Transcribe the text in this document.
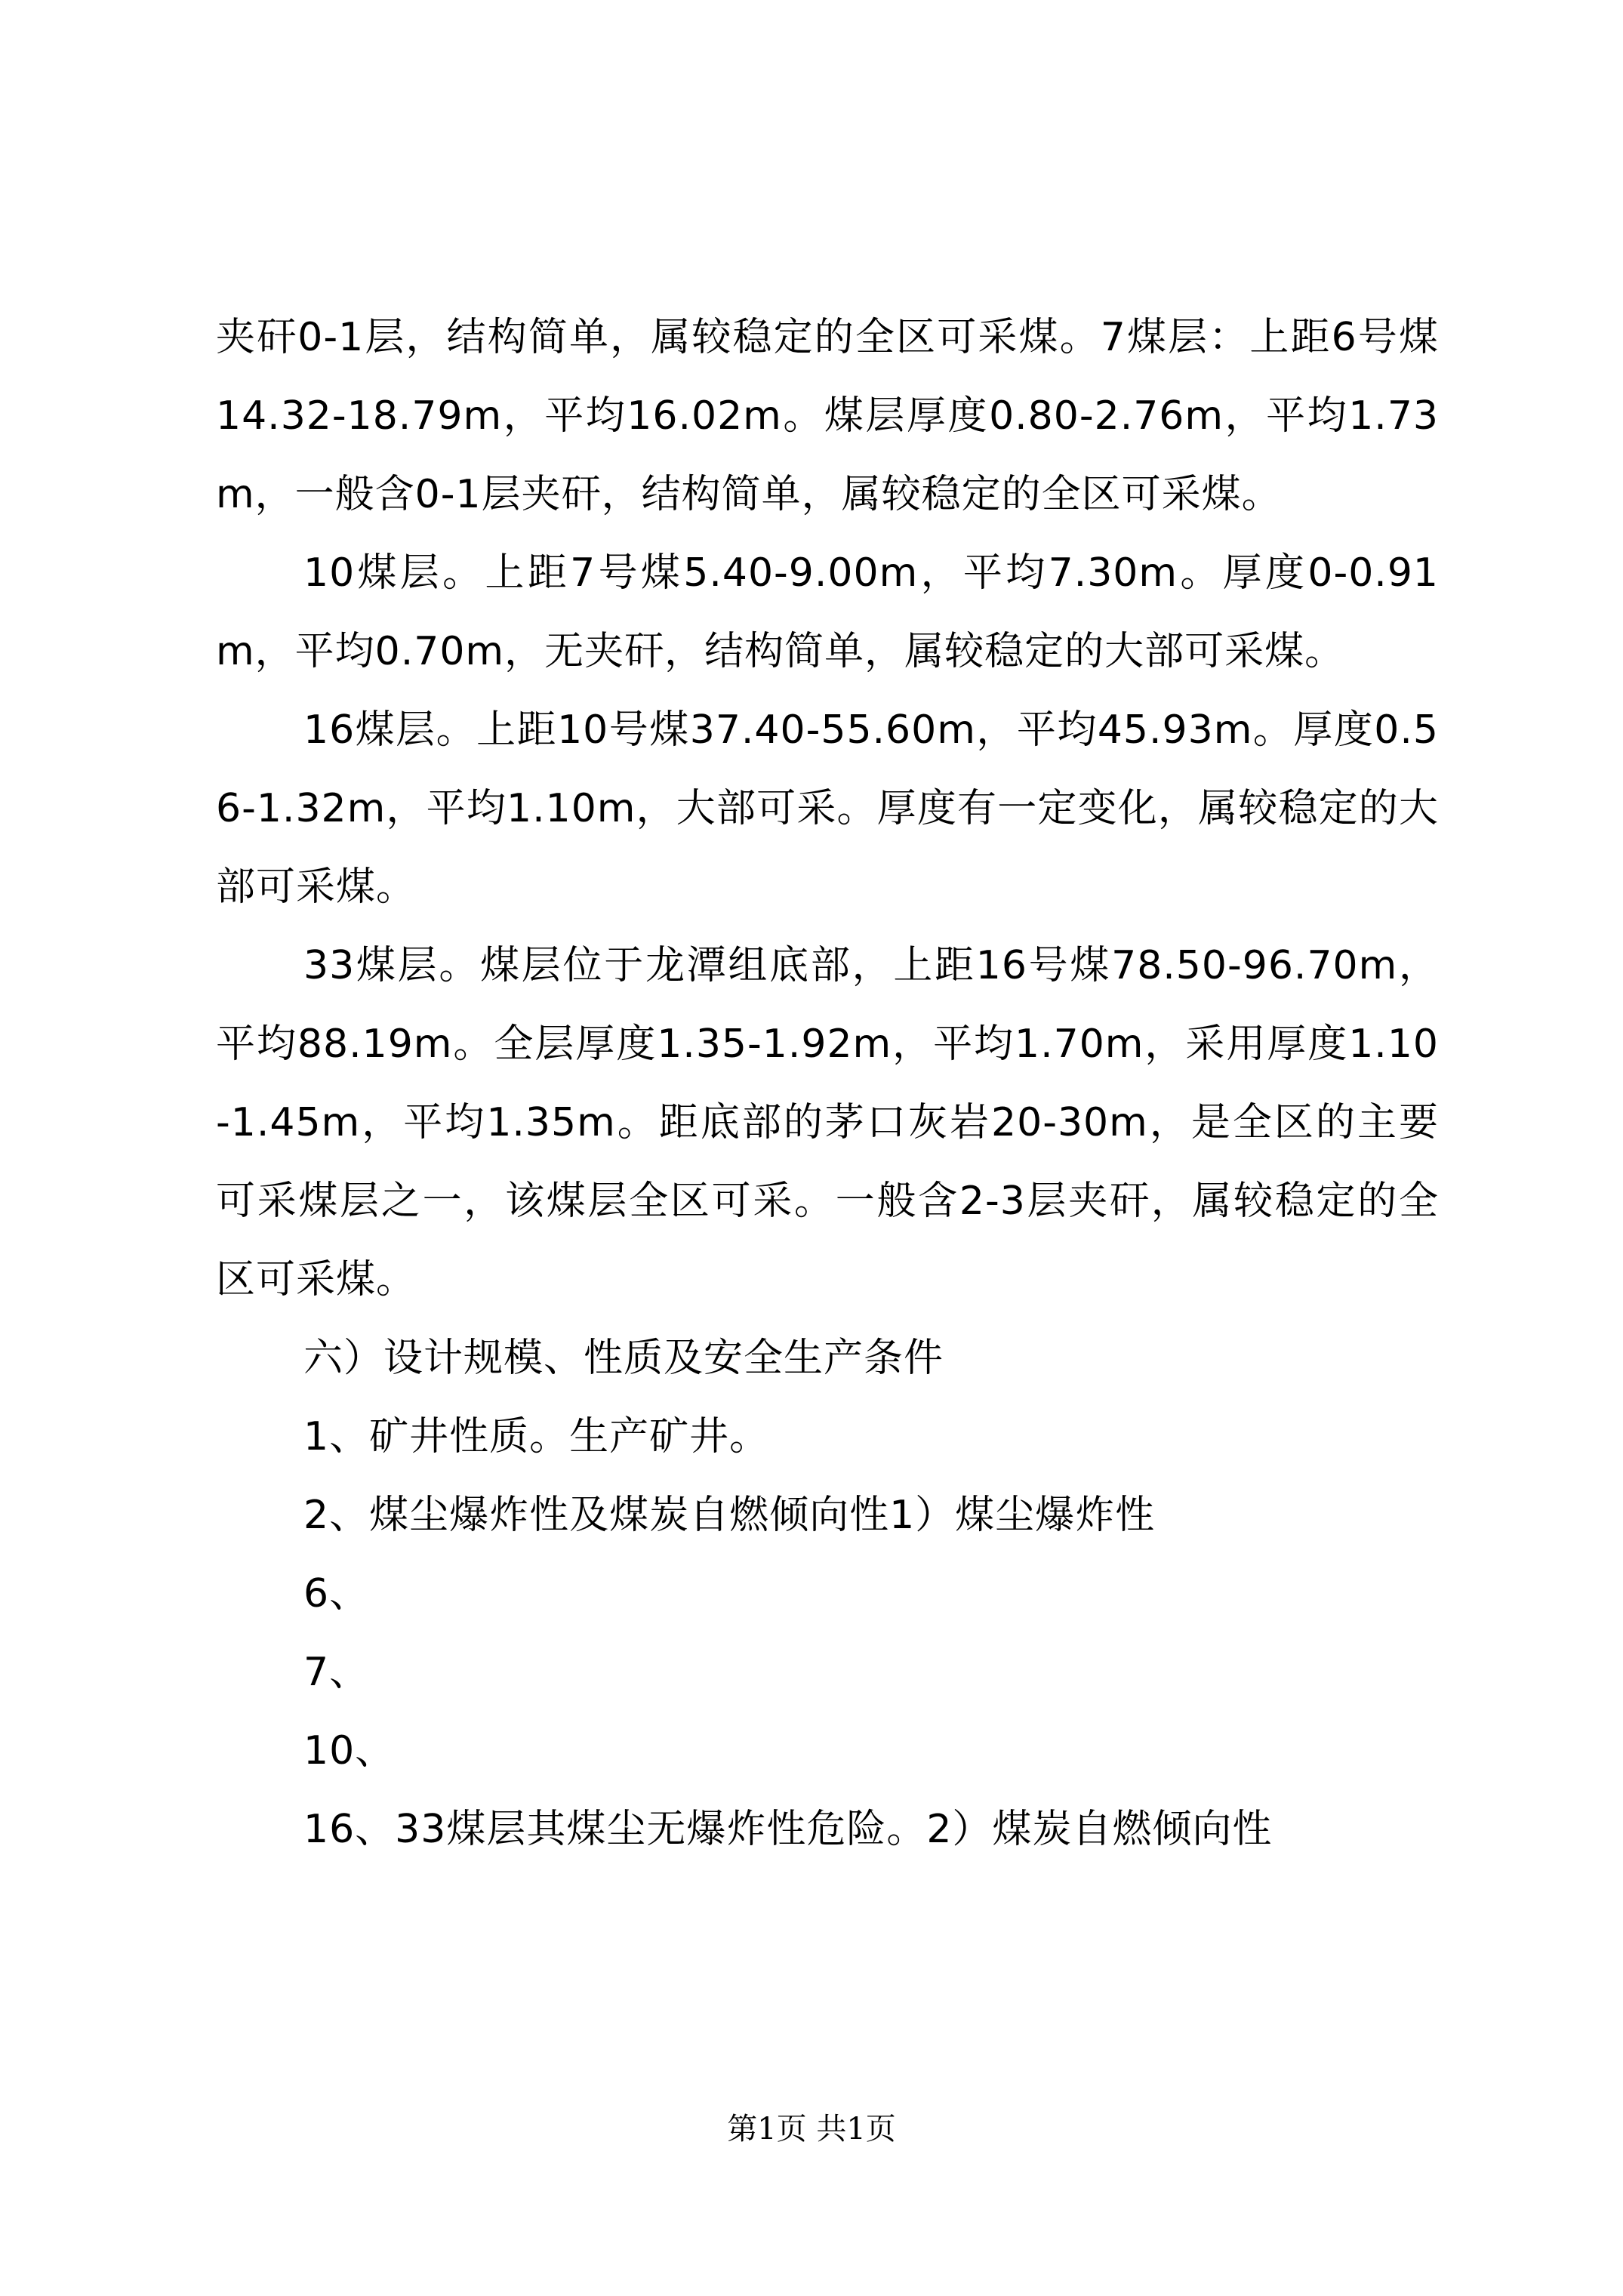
夹矸0-1层，结构简单，属较稳定的全区可采煤。7煤层：上距6号煤14.32-18.79m，平均16.02m。煤层厚度0.80-2.76m，平均1.73m，一般含0-1层夹矸，结构简单，属较稳定的全区可采煤。

10煤层。上距7号煤5.40-9.00m，平均7.30m。厚度0-0.91m，平均0.70m，无夹矸，结构简单，属较稳定的大部可采煤。

16煤层。上距10号煤37.40-55.60m，平均45.93m。厚度0.56-1.32m，平均1.10m，大部可采。厚度有一定变化，属较稳定的大部可采煤。

33煤层。煤层位于龙潭组底部，上距16号煤78.50-96.70m，平均88.19m。全层厚度1.35-1.92m，平均1.70m，采用厚度1.10-1.45m，平均1.35m。距底部的茅口灰岩20-30m，是全区的主要可采煤层之一，该煤层全区可采。一般含2-3层夹矸，属较稳定的全区可采煤。

六）设计规模、性质及安全生产条件

1、矿井性质。生产矿井。

2、煤尘爆炸性及煤炭自燃倾向性1）煤尘爆炸性

6、

7、

10、

16、33煤层其煤尘无爆炸性危险。2）煤炭自燃倾向性

第1页 共1页
